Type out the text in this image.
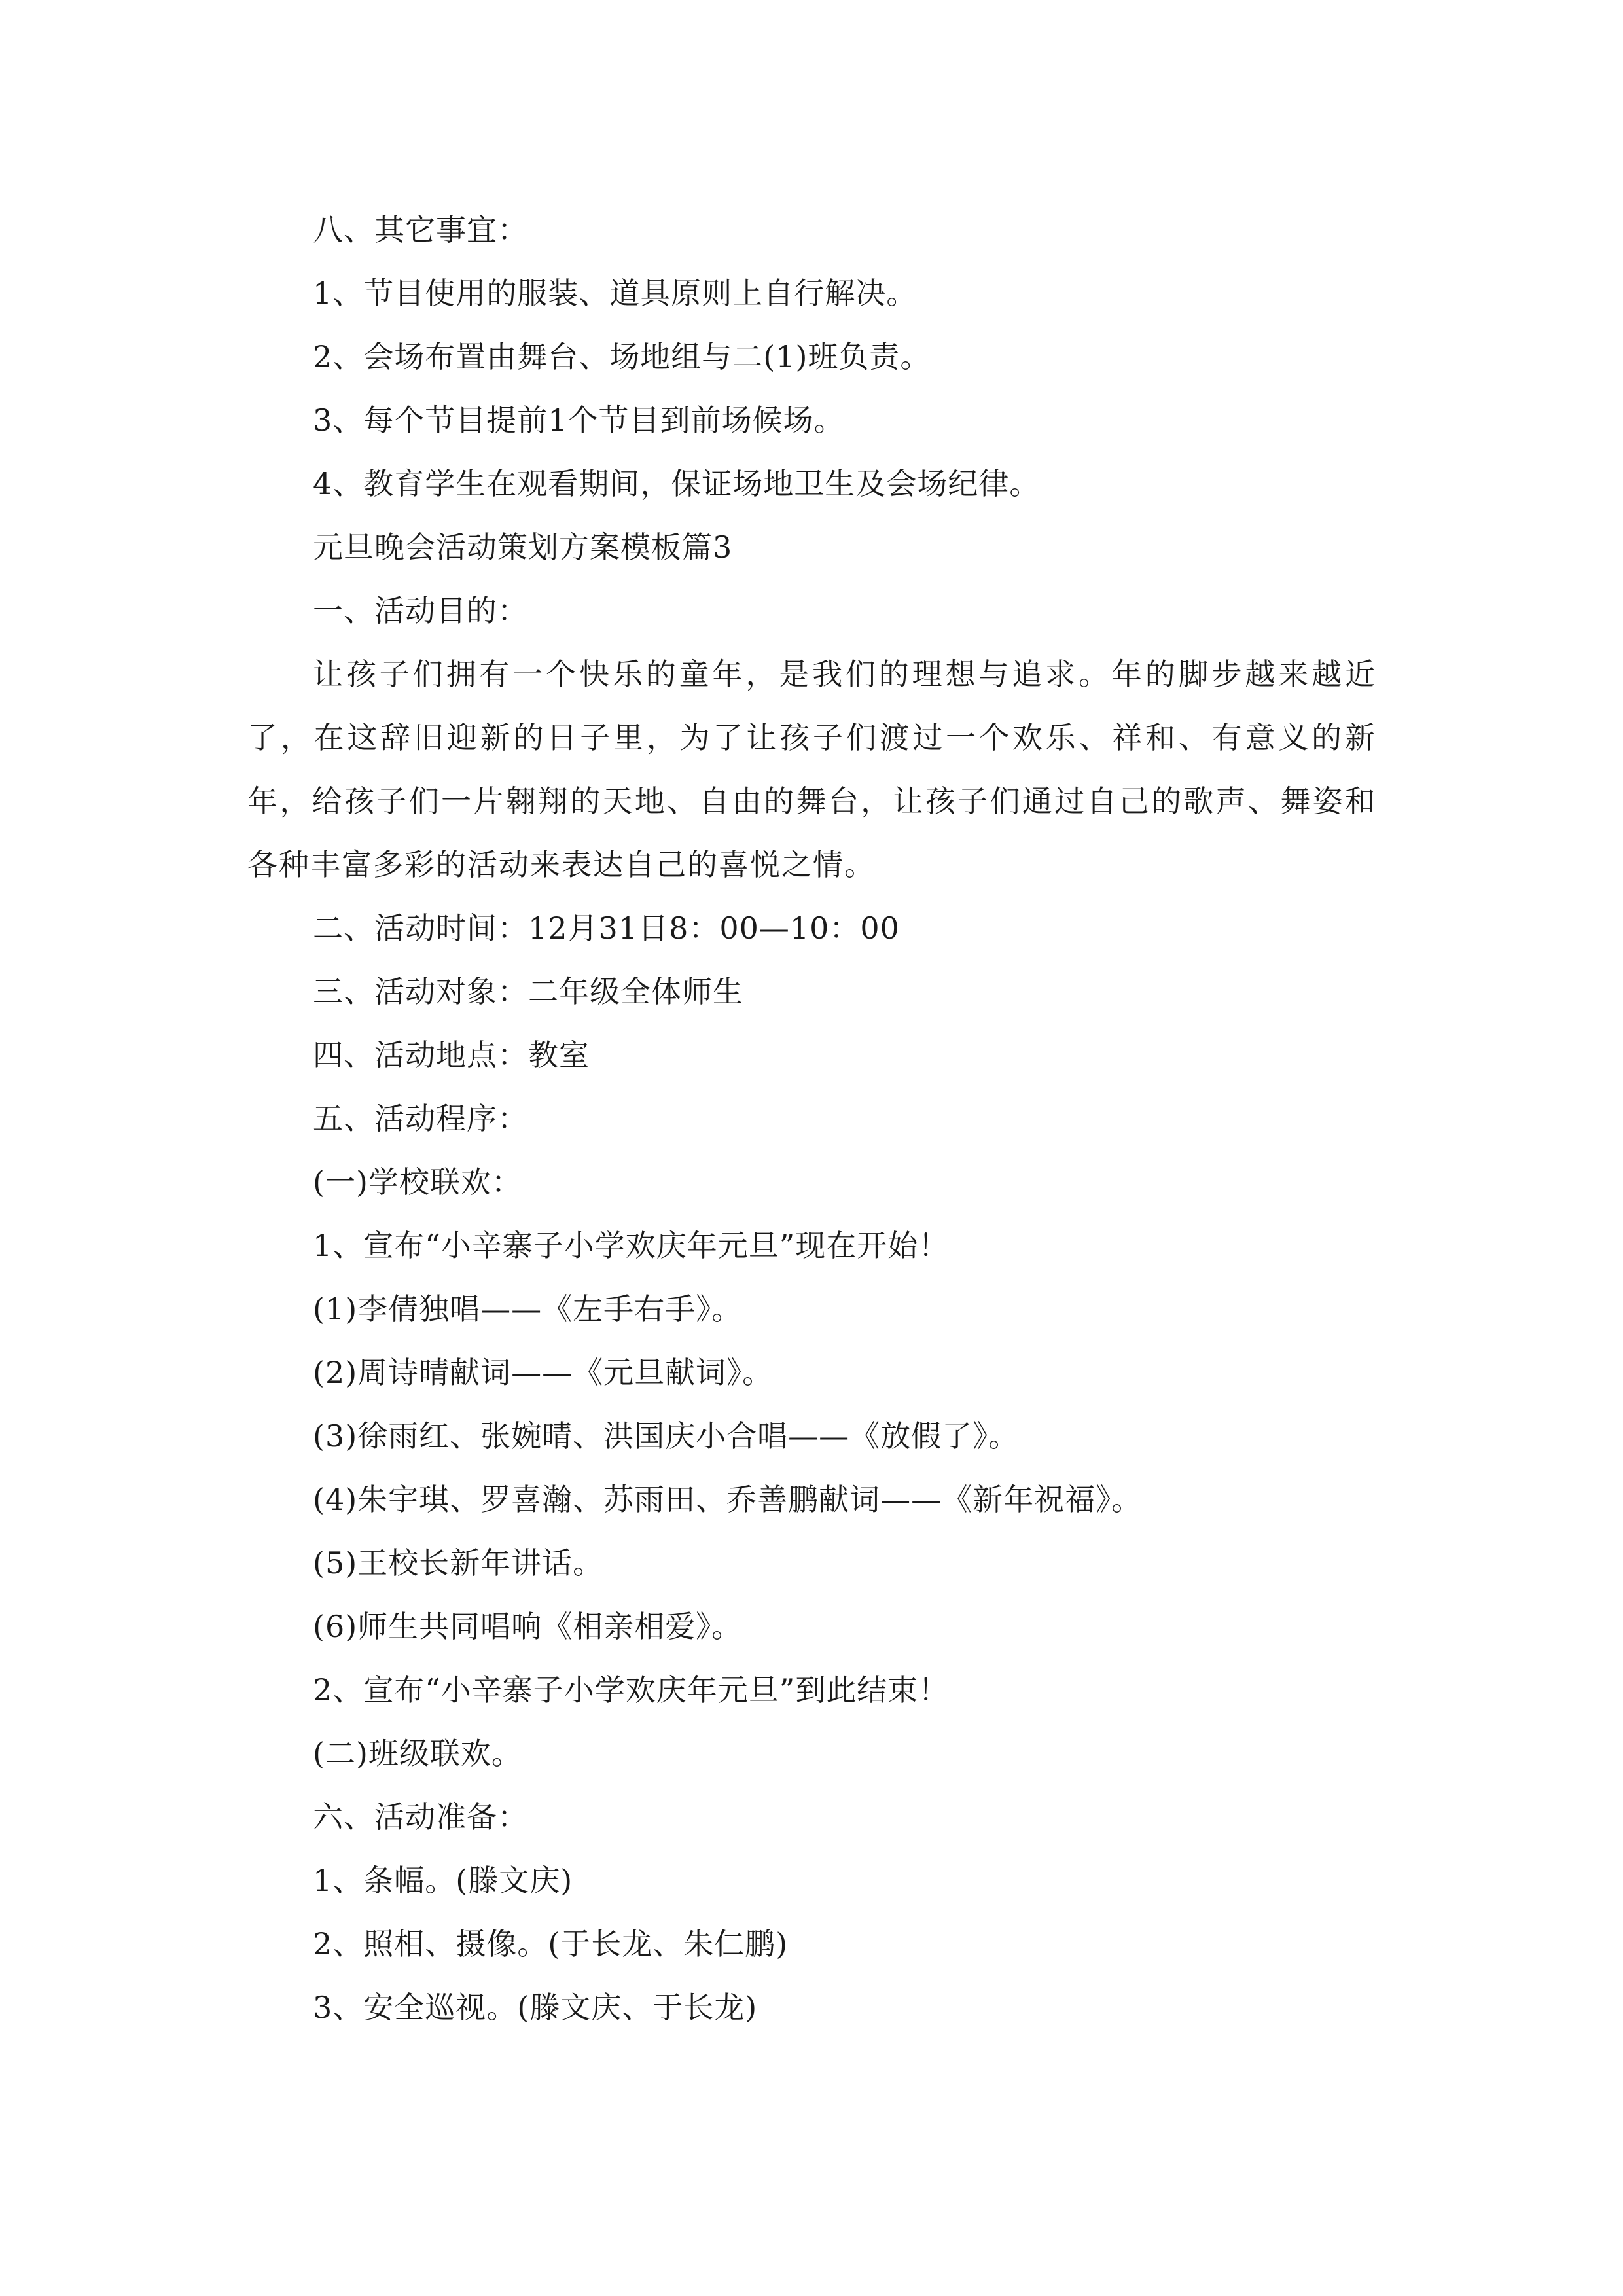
八、其它事宜：
1、节目使用的服装、道具原则上自行解决。
2、会场布置由舞台、场地组与二(1)班负责。
3、每个节目提前1个节目到前场候场。
4、教育学生在观看期间，保证场地卫生及会场纪律。
元旦晚会活动策划方案模板篇3
一、活动目的：

让孩子们拥有一个快乐的童年，是我们的理想与追求。年的脚步越来越近了，在这辞旧迎新的日子里，为了让孩子们渡过一个欢乐、祥和、有意义的新年，给孩子们一片翱翔的天地、自由的舞台，让孩子们通过自己的歌声、舞姿和各种丰富多彩的活动来表达自己的喜悦之情。

二、活动时间：12月31日8：00—10：00
三、活动对象：二年级全体师生
四、活动地点：教室
五、活动程序：
(一)学校联欢：
1、宣布“小辛寨子小学欢庆年元旦”现在开始！
(1)李倩独唱——《左手右手》。
(2)周诗晴献词——《元旦献词》。
(3)徐雨红、张婉晴、洪国庆小合唱——《放假了》。
(4)朱宇琪、罗喜瀚、苏雨田、乔善鹏献词——《新年祝福》。
(5)王校长新年讲话。
(6)师生共同唱响《相亲相爱》。
2、宣布“小辛寨子小学欢庆年元旦”到此结束！
(二)班级联欢。
六、活动准备：
1、条幅。(滕文庆)
2、照相、摄像。(于长龙、朱仁鹏)
3、安全巡视。(滕文庆、于长龙)
